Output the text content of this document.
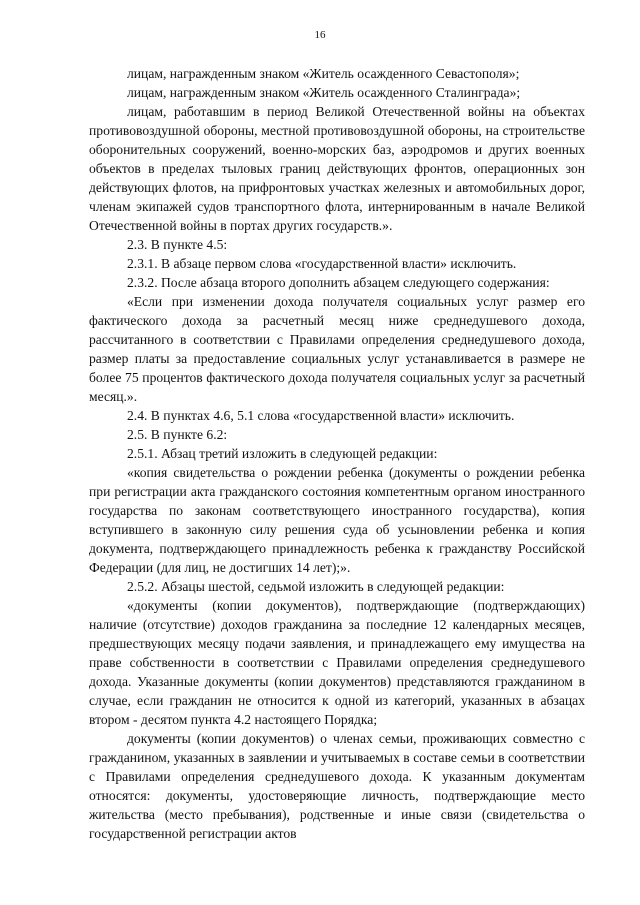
16

лицам, награжденным знаком «Житель осажденного Севастополя»;

лицам, награжденным знаком «Житель осажденного Сталинграда»;

лицам, работавшим в период Великой Отечественной войны на объектах противовоздушной обороны, местной противовоздушной обороны, на строительстве оборонительных сооружений, военно-морских баз, аэродромов и других военных объектов в пределах тыловых границ действующих фронтов, операционных зон действующих флотов, на прифронтовых участках железных и автомобильных дорог, членам экипажей судов транспортного флота, интернированным в начале Великой Отечественной войны в портах других государств.».

2.3. В пункте 4.5:

2.3.1. В абзаце первом слова «государственной власти» исключить.

2.3.2. После абзаца второго дополнить абзацем следующего содержания:

«Если при изменении дохода получателя социальных услуг размер его фактического дохода за расчетный месяц ниже среднедушевого дохода, рассчитанного в соответствии с Правилами определения среднедушевого дохода, размер платы за предоставление социальных услуг устанавливается в размере не более 75 процентов фактического дохода получателя социальных услуг за расчетный месяц.».

2.4. В пунктах 4.6, 5.1 слова «государственной власти» исключить.

2.5. В пункте 6.2:

2.5.1. Абзац третий изложить в следующей редакции:

«копия свидетельства о рождении ребенка (документы о рождении ребенка при регистрации акта гражданского состояния компетентным органом иностранного государства по законам соответствующего иностранного государства), копия вступившего в законную силу решения суда об усыновлении ребенка и копия документа, подтверждающего принадлежность ребенка к гражданству Российской Федерации (для лиц, не достигших 14 лет);».

2.5.2. Абзацы шестой, седьмой изложить в следующей редакции:

«документы (копии документов), подтверждающие (подтверждающих) наличие (отсутствие) доходов гражданина за последние 12 календарных месяцев, предшествующих месяцу подачи заявления, и принадлежащего ему имущества на праве собственности в соответствии с Правилами определения среднедушевого дохода. Указанные документы (копии документов) представляются гражданином в случае, если гражданин не относится к одной из категорий, указанных в абзацах втором - десятом пункта 4.2 настоящего Порядка;

документы (копии документов) о членах семьи, проживающих совместно с гражданином, указанных в заявлении и учитываемых в составе семьи в соответствии с Правилами определения среднедушевого дохода. К указанным документам относятся: документы, удостоверяющие личность, подтверждающие место жительства (место пребывания), родственные и иные связи (свидетельства о государственной регистрации актов
